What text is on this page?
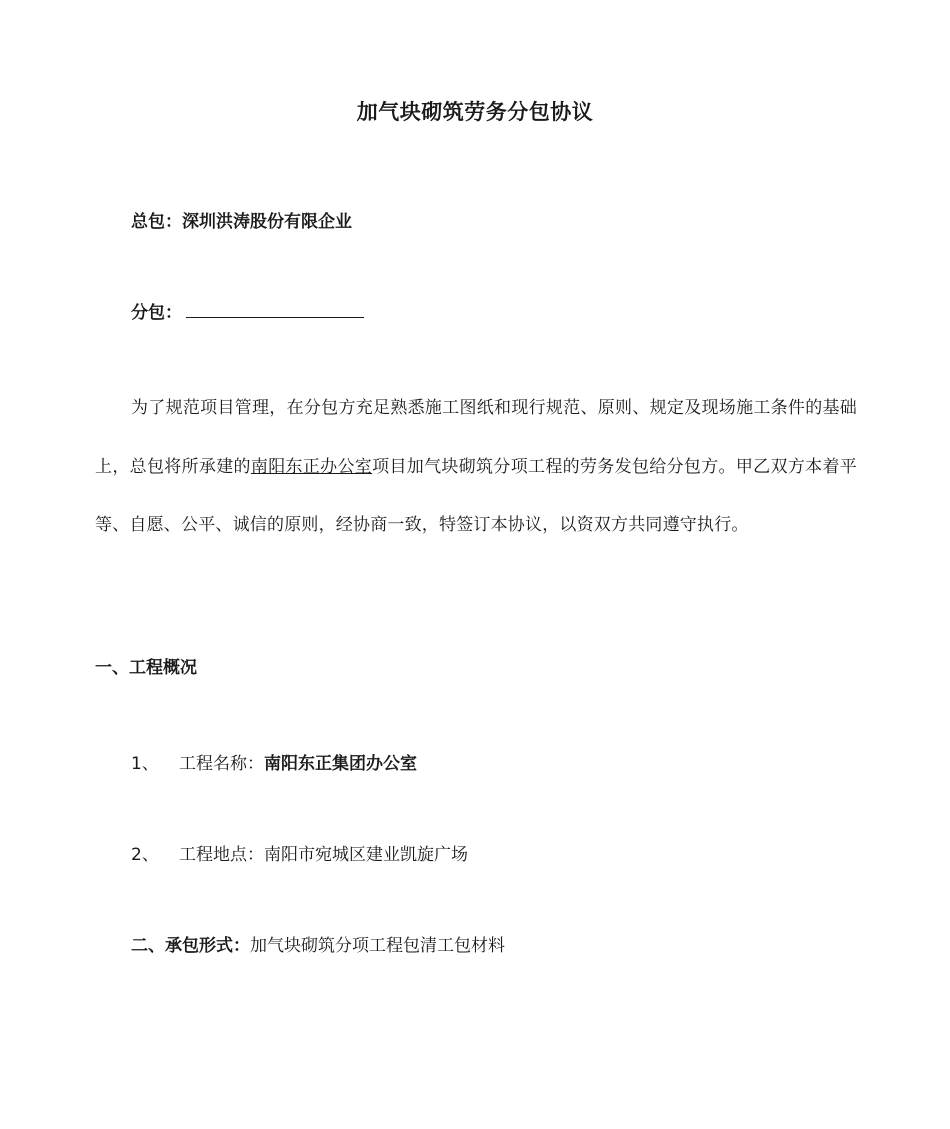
加气块砌筑劳务分包协议
总包：深圳洪涛股份有限企业
分包：
为了规范项目管理，在分包方充足熟悉施工图纸和现行规范、原则、规定及现场施工条件的基础上，总包将所承建的南阳东正办公室项目加气块砌筑分项工程的劳务发包给分包方。甲乙双方本着平等、自愿、公平、诚信的原则，经协商一致，特签订本协议，以资双方共同遵守执行。
一、工程概况
1、 工程名称：南阳东正集团办公室
2、 工程地点：南阳市宛城区建业凯旋广场
二、承包形式：加气块砌筑分项工程包清工包材料
